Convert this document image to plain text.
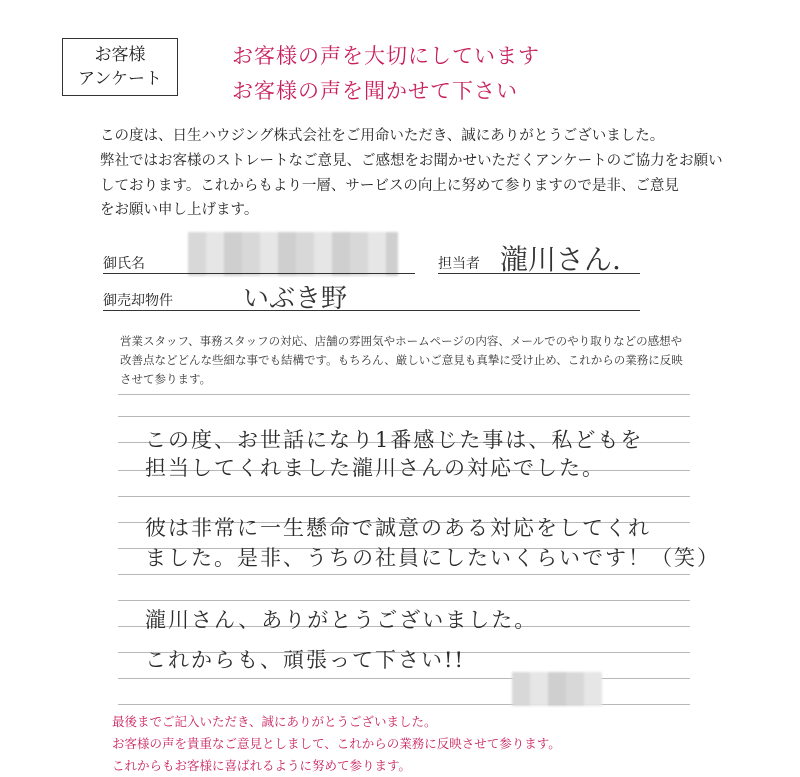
お客様
アンケート
お客様の声を大切にしています
お客様の声を聞かせて下さい
この度は、日生ハウジング株式会社をご用命いただき、誠にありがとうございました。
弊社ではお客様のストレートなご意見、ご感想をお聞かせいただくアンケートのご協力をお願い
しております。これからもより一層、サービスの向上に努めて参りますので是非、ご意見
をお願い申し上げます。
御氏名	担当者 瀧川さん.
御売却物件	いぶき野
営業スタッフ、事務スタッフの対応、店舗の雰囲気やホームページの内容、メールでのやり取りなどの感想や
改善点などどんな些細な事でも結構です。もちろん、厳しいご意見も真摯に受け止め、これからの業務に反映
させて参ります。
この度、お世話になり1番感じた事は、私どもを
担当してくれました瀧川さんの対応でした。
彼は非常に一生懸命で誠意のある対応をしてくれ
ました。是非、うちの社員にしたいくらいです！（笑）
瀧川さん、ありがとうございました。
これからも、頑張って下さい!!
最後までご記入いただき、誠にありがとうございました。
お客様の声を貴重なご意見としまして、これからの業務に反映させて参ります。
これからもお客様に喜ばれるように努めて参ります。
